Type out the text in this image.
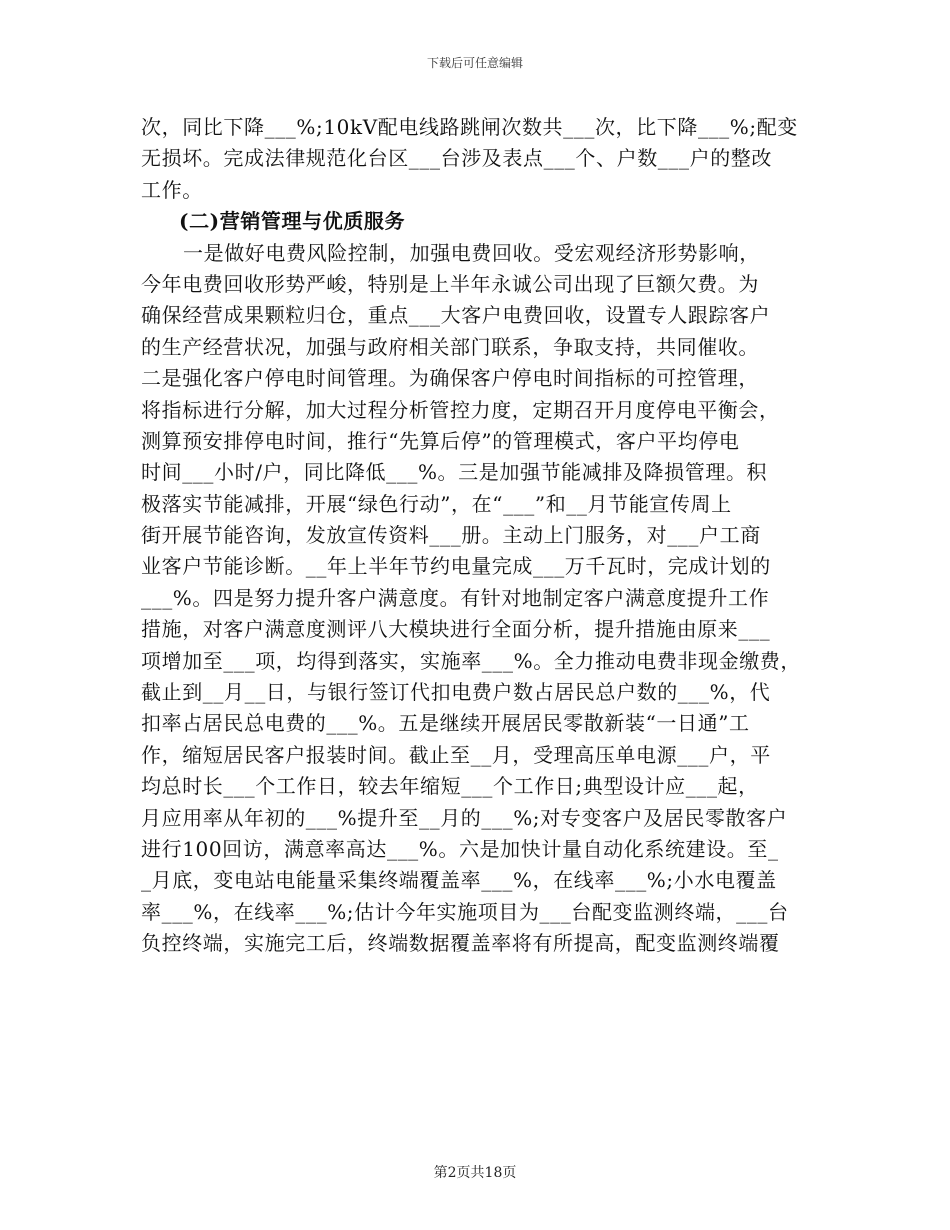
下载后可任意编辑
次，同比下降___%;10kV配电线路跳闸次数共___次，比下降___%;配变
无损坏。完成法律规范化台区___台涉及表点___个、户数___户的整改
工作。
(二)营销管理与优质服务
一是做好电费风险控制，加强电费回收。受宏观经济形势影响，
今年电费回收形势严峻，特别是上半年永诚公司出现了巨额欠费。为
确保经营成果颗粒归仓，重点___大客户电费回收，设置专人跟踪客户
的生产经营状况，加强与政府相关部门联系，争取支持，共同催收。
二是强化客户停电时间管理。为确保客户停电时间指标的可控管理，
将指标进行分解，加大过程分析管控力度，定期召开月度停电平衡会，
测算预安排停电时间，推行“先算后停”的管理模式，客户平均停电
时间___小时/户，同比降低___%。三是加强节能减排及降损管理。积
极落实节能减排，开展“绿色行动”，在“___”和__月节能宣传周上
街开展节能咨询，发放宣传资料___册。主动上门服务，对___户工商
业客户节能诊断。__年上半年节约电量完成___万千瓦时，完成计划的
___%。四是努力提升客户满意度。有针对地制定客户满意度提升工作
措施，对客户满意度测评八大模块进行全面分析，提升措施由原来___
项增加至___项，均得到落实，实施率___%。全力推动电费非现金缴费，
截止到__月__日，与银行签订代扣电费户数占居民总户数的___%，代
扣率占居民总电费的___%。五是继续开展居民零散新装“一日通”工
作，缩短居民客户报装时间。截止至__月，受理高压单电源___户，平
均总时长___个工作日，较去年缩短___个工作日;典型设计应___起，
月应用率从年初的___%提升至__月的___%;对专变客户及居民零散客户
进行100回访，满意率高达___%。六是加快计量自动化系统建设。至_
_月底，变电站电能量采集终端覆盖率___%，在线率___%;小水电覆盖
率___%，在线率___%;估计今年实施项目为___台配变监测终端，___台
负控终端，实施完工后，终端数据覆盖率将有所提高，配变监测终端覆
第2页共18页
